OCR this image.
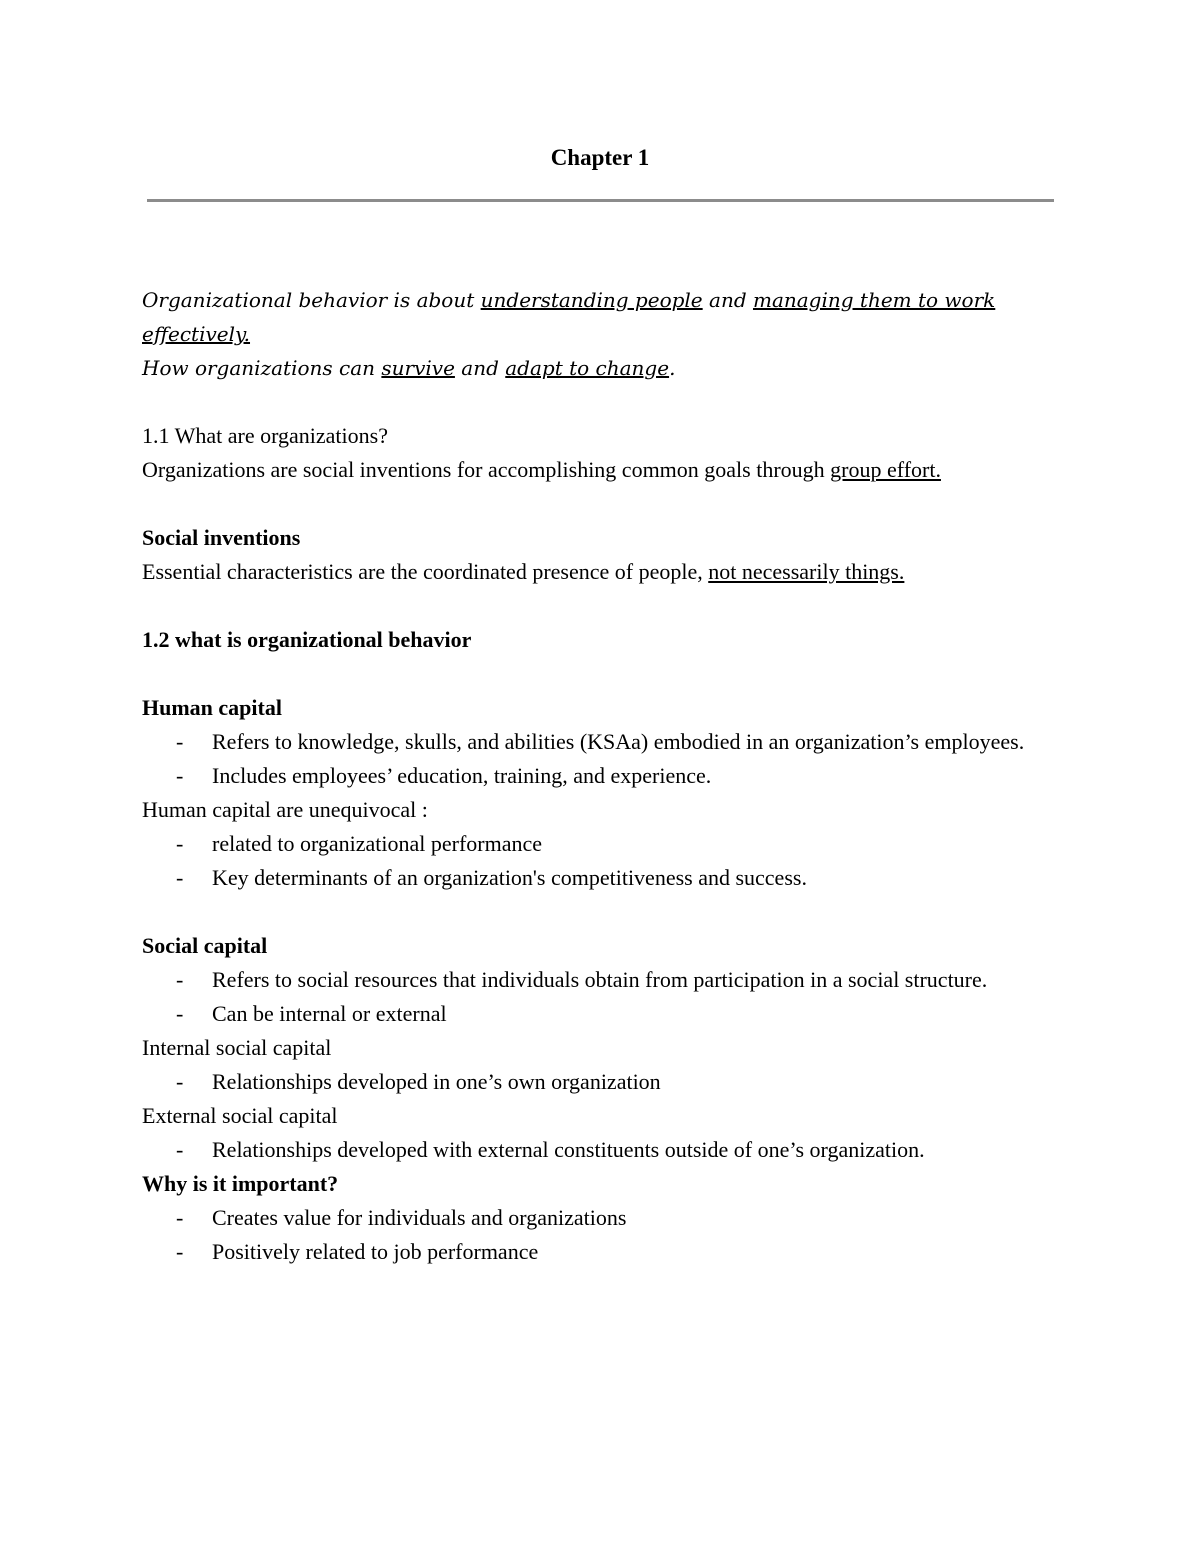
Chapter 1
Organizational behavior is about understanding people and managing them to work effectively.
How organizations can survive and adapt to change.
1.1 What are organizations?
Organizations are social inventions for accomplishing common goals through group effort.
Social inventions
Essential characteristics are the coordinated presence of people, not necessarily things.
1.2 what is organizational behavior
Human capital
- Refers to knowledge, skulls, and abilities (KSAa) embodied in an organization’s employees.
- Includes employees’ education, training, and experience.
Human capital are unequivocal :
- related to organizational performance
- Key determinants of an organization's competitiveness and success.
Social capital
- Refers to social resources that individuals obtain from participation in a social structure.
- Can be internal or external
Internal social capital
- Relationships developed in one’s own organization
External social capital
- Relationships developed with external constituents outside of one’s organization.
Why is it important?
- Creates value for individuals and organizations
- Positively related to job performance
